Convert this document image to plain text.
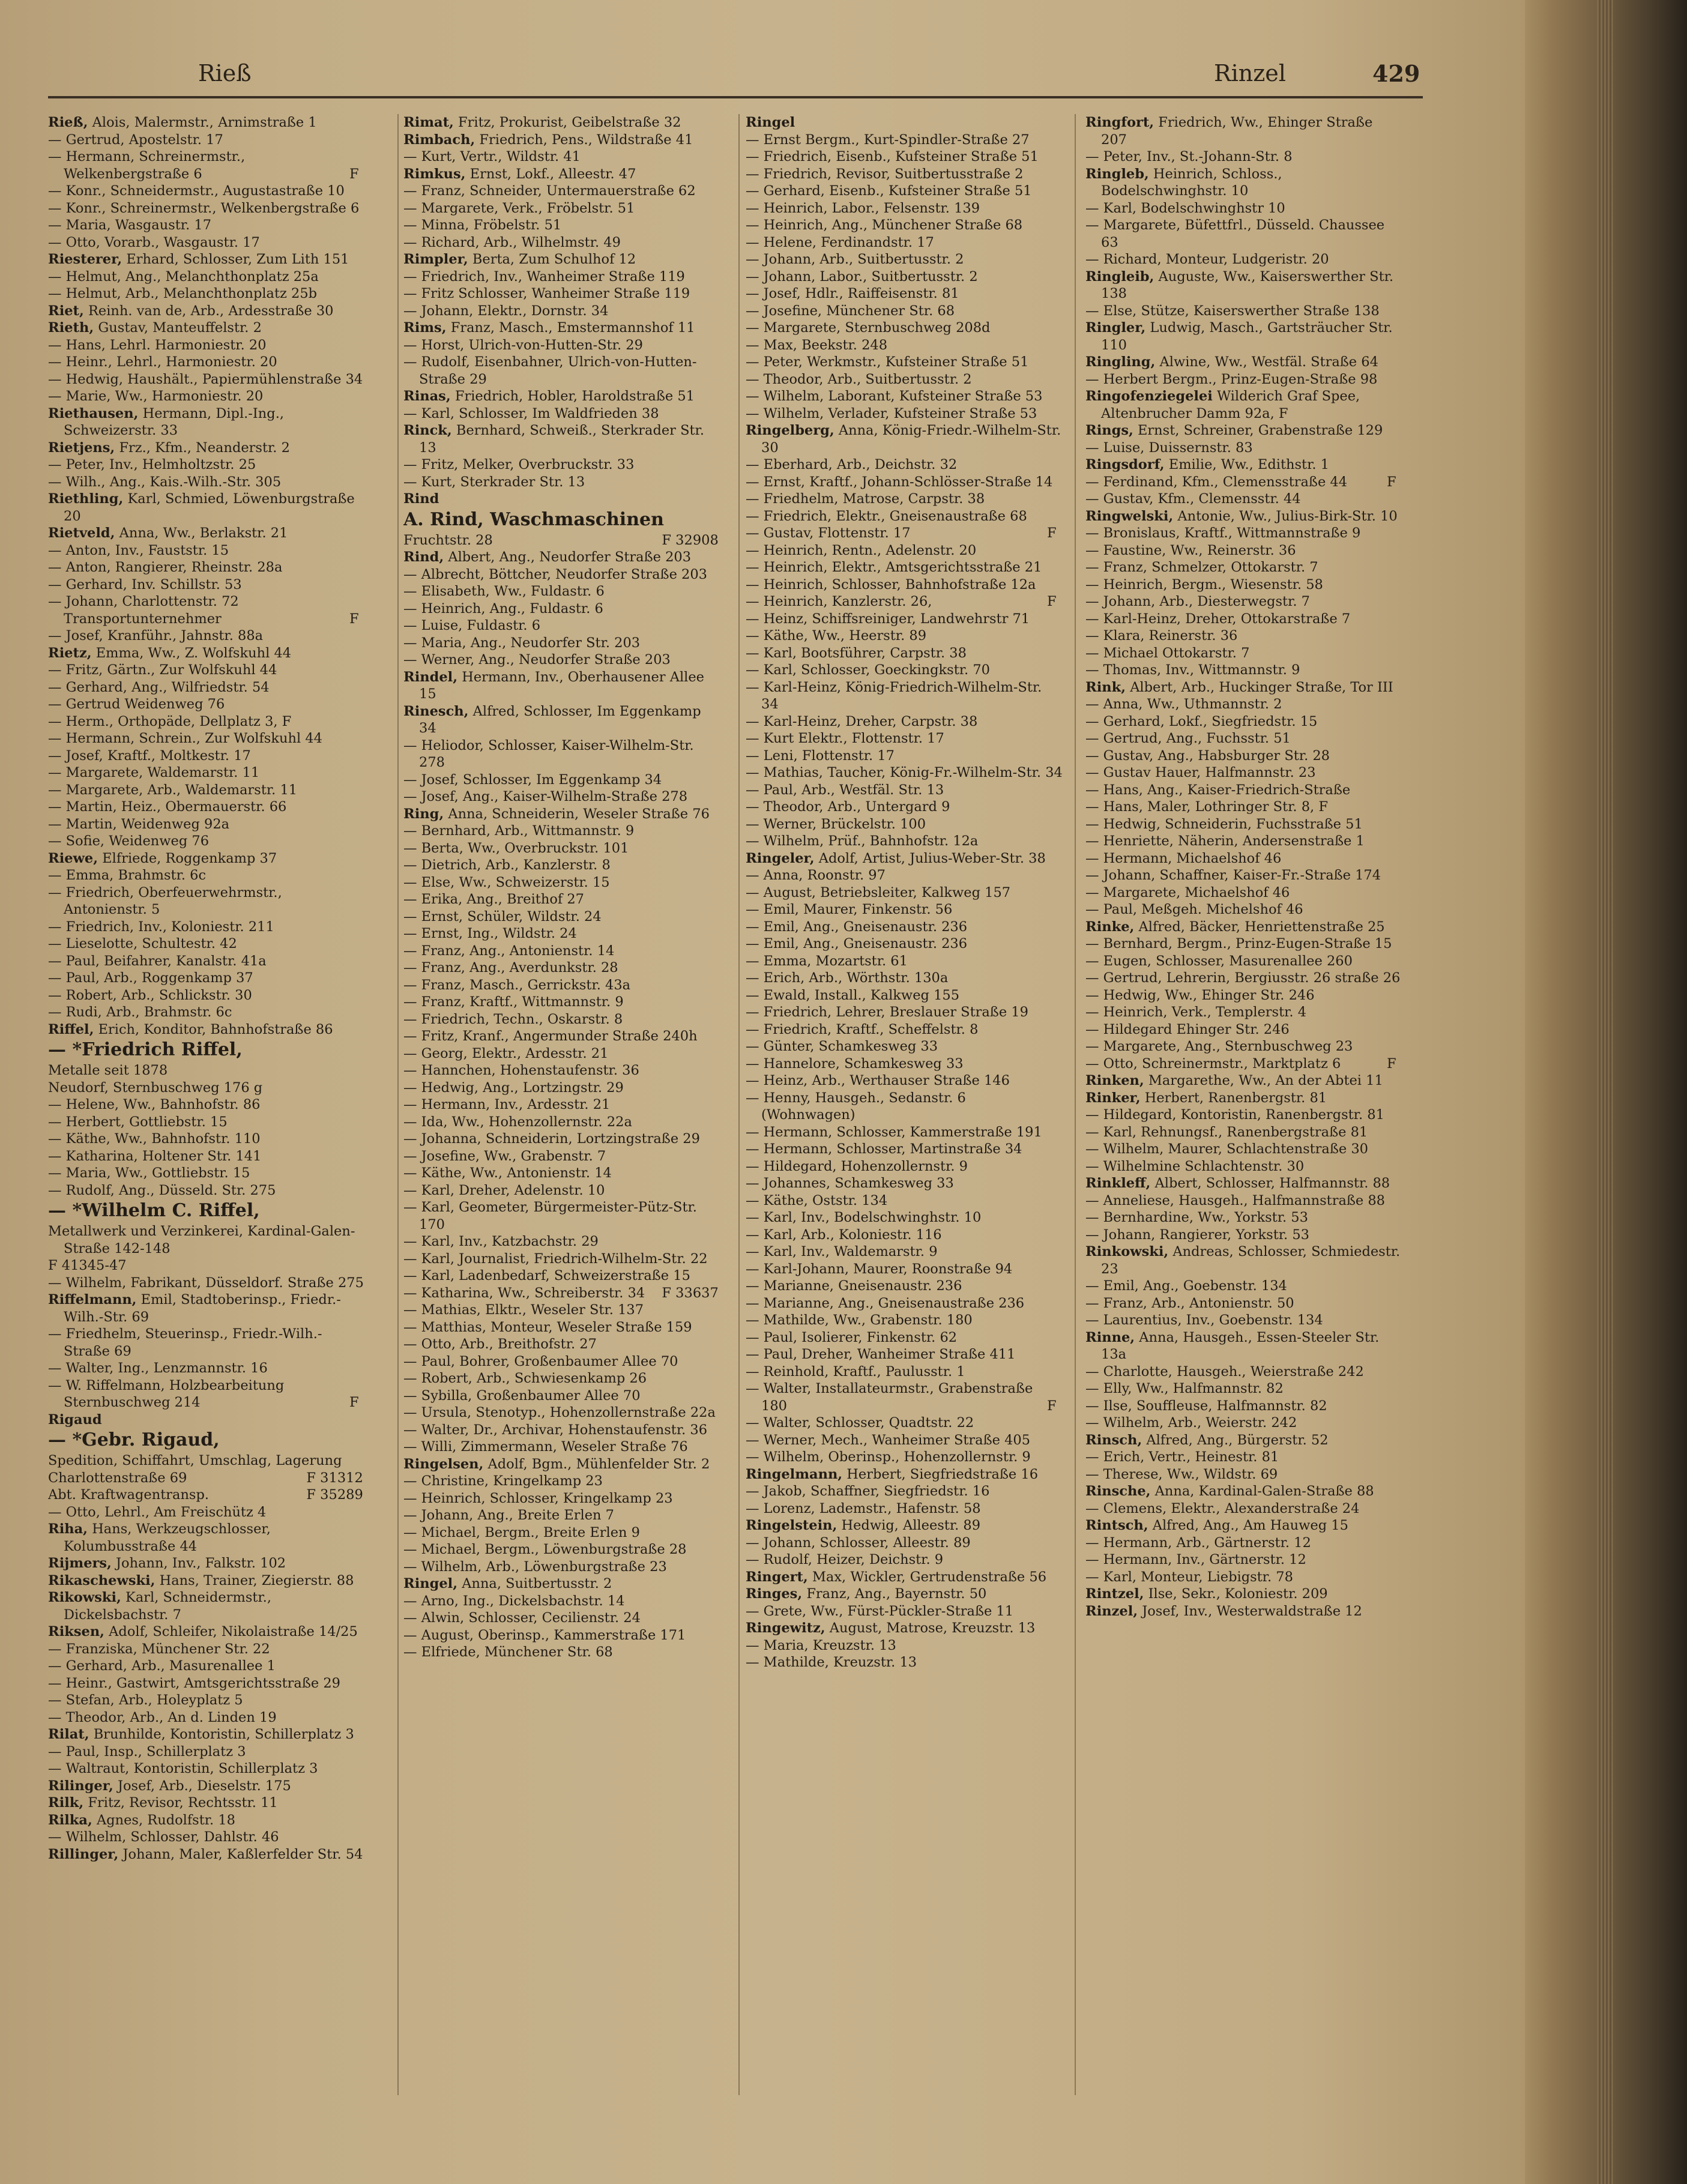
Rieß	Rinzel	429

Rieß, Alois, Malermstr., Arnimstraße 1

— Gertrud, Apostelstr. 17

— Hermann, Schreinermstr., Welkenbergstraße 6	F

— Konr., Schneidermstr., Augustastraße 10

— Konr., Schreinermstr., Welkenbergstraße 6

— Maria, Wasgaustr. 17

— Otto, Vorarb., Wasgaustr. 17

Riesterer, Erhard, Schlosser, Zum Lith 151

— Helmut, Ang., Melanchthonplatz 25a

— Helmut, Arb., Melanchthonplatz 25b

Riet, Reinh. van de, Arb., Ardesstraße 30

Rieth, Gustav, Manteuffelstr. 2

— Hans, Lehrl. Harmoniestr. 20

— Heinr., Lehrl., Harmoniestr. 20

— Hedwig, Haushält., Papiermühlenstraße 34

— Marie, Ww., Harmoniestr. 20

Riethausen, Hermann, Dipl.-Ing., Schweizerstr. 33

Rietjens, Frz., Kfm., Neanderstr. 2

— Peter, Inv., Helmholtzstr. 25

— Wilh., Ang., Kais.-Wilh.-Str. 305

Riethling, Karl, Schmied, Löwenburgstraße 20

Rietveld, Anna, Ww., Berlakstr. 21

— Anton, Inv., Fauststr. 15

— Anton, Rangierer, Rheinstr. 28a

— Gerhard, Inv. Schillstr. 53

— Johann, Charlottenstr. 72 Transportunternehmer	F

— Josef, Kranführ., Jahnstr. 88a

Rietz, Emma, Ww., Z. Wolfskuhl 44

— Fritz, Gärtn., Zur Wolfskuhl 44

— Gerhard, Ang., Wilfriedstr. 54

— Gertrud Weidenweg 76

— Herm., Orthopäde, Dellplatz 3, F

— Hermann, Schrein., Zur Wolfskuhl 44

— Josef, Kraftf., Moltkestr. 17

— Margarete, Waldemarstr. 11

— Margarete, Arb., Waldemarstr. 11

— Martin, Heiz., Obermauerstr. 66

— Martin, Weidenweg 92a

— Sofie, Weidenweg 76

Riewe, Elfriede, Roggenkamp 37

— Emma, Brahmstr. 6c

— Friedrich, Oberfeuerwehrmstr., Antonienstr. 5

— Friedrich, Inv., Koloniestr. 211

— Lieselotte, Schultestr. 42

— Paul, Beifahrer, Kanalstr. 41a

— Paul, Arb., Roggenkamp 37

— Robert, Arb., Schlickstr. 30

— Rudi, Arb., Brahmstr. 6c

Riffel, Erich, Konditor, Bahnhofstraße 86

— *Friedrich Riffel,

Metalle seit 1878

Neudorf, Sternbuschweg 176 g

— Helene, Ww., Bahnhofstr. 86

— Herbert, Gottliebstr. 15

— Käthe, Ww., Bahnhofstr. 110

— Katharina, Holtener Str. 141

— Maria, Ww., Gottliebstr. 15

— Rudolf, Ang., Düsseld. Str. 275

— *Wilhelm C. Riffel,

Metallwerk und Verzinkerei, Kardinal-Galen-Straße 142-148

F 41345-47

— Wilhelm, Fabrikant, Düsseldorf. Straße 275

Riffelmann, Emil, Stadtoberinsp., Friedr.-Wilh.-Str. 69

— Friedhelm, Steuerinsp., Friedr.-Wilh.-Straße 69

— Walter, Ing., Lenzmannstr. 16

— W. Riffelmann, Holzbearbeitung Sternbuschweg 214	F

Rigaud

— *Gebr. Rigaud,

Spedition, Schiffahrt, Umschlag, Lagerung

Charlottenstraße 69	F 31312

Abt. Kraftwagentransp.	F 35289

— Otto, Lehrl., Am Freischütz 4

Riha, Hans, Werkzeugschlosser, Kolumbusstraße 44

Rijmers, Johann, Inv., Falkstr. 102

Rikaschewski, Hans, Trainer, Ziegierstr. 88

Rikowski, Karl, Schneidermstr., Dickelsbachstr. 7

Riksen, Adolf, Schleifer, Nikolaistraße 14/25

— Franziska, Münchener Str. 22

— Gerhard, Arb., Masurenallee 1

— Heinr., Gastwirt, Amtsgerichtsstraße 29

— Stefan, Arb., Holeyplatz 5

— Theodor, Arb., An d. Linden 19

Rilat, Brunhilde, Kontoristin, Schillerplatz 3

— Paul, Insp., Schillerplatz 3

— Waltraut, Kontoristin, Schillerplatz 3

Rilinger, Josef, Arb., Dieselstr. 175

Rilk, Fritz, Revisor, Rechtsstr. 11

Rilka, Agnes, Rudolfstr. 18

— Wilhelm, Schlosser, Dahlstr. 46

Rillinger, Johann, Maler, Kaßlerfelder Str. 54

Rimat, Fritz, Prokurist, Geibelstraße 32

Rimbach, Friedrich, Pens., Wildstraße 41

— Kurt, Vertr., Wildstr. 41

Rimkus, Ernst, Lokf., Alleestr. 47

— Franz, Schneider, Untermauerstraße 62

— Margarete, Verk., Fröbelstr. 51

— Minna, Fröbelstr. 51

— Richard, Arb., Wilhelmstr. 49

Rimpler, Berta, Zum Schulhof 12

— Friedrich, Inv., Wanheimer Straße 119

— Fritz Schlosser, Wanheimer Straße 119

— Johann, Elektr., Dornstr. 34

Rims, Franz, Masch., Emstermannshof 11

— Horst, Ulrich-von-Hutten-Str. 29

— Rudolf, Eisenbahner, Ulrich-von-Hutten-Straße 29

Rinas, Friedrich, Hobler, Haroldstraße 51

— Karl, Schlosser, Im Waldfrieden 38

Rinck, Bernhard, Schweiß., Sterkrader Str. 13

— Fritz, Melker, Overbruckstr. 33

— Kurt, Sterkrader Str. 13

Rind

A. Rind, Waschmaschinen

Fruchtstr. 28	F 32908

Rind, Albert, Ang., Neudorfer Straße 203

— Albrecht, Böttcher, Neudorfer Straße 203

— Elisabeth, Ww., Fuldastr. 6

— Heinrich, Ang., Fuldastr. 6

— Luise, Fuldastr. 6

— Maria, Ang., Neudorfer Str. 203

— Werner, Ang., Neudorfer Straße 203

Rindel, Hermann, Inv., Oberhausener Allee 15

Rinesch, Alfred, Schlosser, Im Eggenkamp 34

— Heliodor, Schlosser, Kaiser-Wilhelm-Str. 278

— Josef, Schlosser, Im Eggenkamp 34

— Josef, Ang., Kaiser-Wilhelm-Straße 278

Ring, Anna, Schneiderin, Weseler Straße 76

— Bernhard, Arb., Wittmannstr. 9

— Berta, Ww., Overbruckstr. 101

— Dietrich, Arb., Kanzlerstr. 8

— Else, Ww., Schweizerstr. 15

— Erika, Ang., Breithof 27

— Ernst, Schüler, Wildstr. 24

— Ernst, Ing., Wildstr. 24

— Franz, Ang., Antonienstr. 14

— Franz, Ang., Averdunkstr. 28

— Franz, Masch., Gerrickstr. 43a

— Franz, Kraftf., Wittmannstr. 9

— Friedrich, Techn., Oskarstr. 8

— Fritz, Kranf., Angermunder Straße 240h

— Georg, Elektr., Ardesstr. 21

— Hannchen, Hohenstaufenstr. 36

— Hedwig, Ang., Lortzingstr. 29

— Hermann, Inv., Ardesstr. 21

— Ida, Ww., Hohenzollernstr. 22a

— Johanna, Schneiderin, Lortzingstraße 29

— Josefine, Ww., Grabenstr. 7

— Käthe, Ww., Antonienstr. 14

— Karl, Dreher, Adelenstr. 10

— Karl, Geometer, Bürgermeister-Pütz-Str. 170

— Karl, Inv., Katzbachstr. 29

— Karl, Journalist, Friedrich-Wilhelm-Str. 22

— Karl, Ladenbedarf, Schweizerstraße 15
F 33637

— Katharina, Ww., Schreiberstr. 34

— Mathias, Elktr., Weseler Str. 137

— Matthias, Monteur, Weseler Straße 159

— Otto, Arb., Breithofstr. 27

— Paul, Bohrer, Großenbaumer Allee 70

— Robert, Arb., Schwiesenkamp 26

— Sybilla, Großenbaumer Allee 70

— Ursula, Stenotyp., Hohenzollernstraße 22a

— Walter, Dr., Archivar, Hohenstaufenstr. 36

— Willi, Zimmermann, Weseler Straße 76

Ringelsen, Adolf, Bgm., Mühlenfelder Str. 2

— Christine, Kringelkamp 23

— Heinrich, Schlosser, Kringelkamp 23

— Johann, Ang., Breite Erlen 7

— Michael, Bergm., Breite Erlen 9

— Michael, Bergm., Löwenburgstraße 28

— Wilhelm, Arb., Löwenburgstraße 23

Ringel, Anna, Suitbertusstr. 2

— Arno, Ing., Dickelsbachstr. 14

— Alwin, Schlosser, Cecilienstr. 24

— August, Oberinsp., Kammerstraße 171

— Elfriede, Münchener Str. 68

Ringel

— Ernst Bergm., Kurt-Spindler-Straße 27

— Friedrich, Eisenb., Kufsteiner Straße 51

— Friedrich, Revisor, Suitbertusstraße 2

— Gerhard, Eisenb., Kufsteiner Straße 51

— Heinrich, Labor., Felsenstr. 139

— Heinrich, Ang., Münchener Straße 68

— Helene, Ferdinandstr. 17

— Johann, Arb., Suitbertusstr. 2

— Johann, Labor., Suitbertusstr. 2

— Josef, Hdlr., Raiffeisenstr. 81

— Josefine, Münchener Str. 68

— Margarete, Sternbuschweg 208d

— Max, Beekstr. 248

— Peter, Werkmstr., Kufsteiner Straße 51

— Theodor, Arb., Suitbertusstr. 2

— Wilhelm, Laborant, Kufsteiner Straße 53

— Wilhelm, Verlader, Kufsteiner Straße 53

Ringelberg, Anna, König-Friedr.-Wilhelm-Str. 30

— Eberhard, Arb., Deichstr. 32

— Ernst, Kraftf., Johann-Schlösser-Straße 14

— Friedhelm, Matrose, Carpstr. 38

— Friedrich, Elektr., Gneisenaustraße 68

— Gustav, Flottenstr. 17	F

— Heinrich, Rentn., Adelenstr. 20

— Heinrich, Elektr., Amtsgerichtsstraße 21

— Heinrich, Schlosser, Bahnhofstraße 12a

— Heinrich, Kanzlerstr. 26,	F

— Heinz, Schiffsreiniger, Landwehrstr 71

— Käthe, Ww., Heerstr. 89

— Karl, Bootsführer, Carpstr. 38

— Karl, Schlosser, Goeckingkstr. 70

— Karl-Heinz, König-Friedrich-Wilhelm-Str. 34

— Karl-Heinz, Dreher, Carpstr. 38

— Kurt Elektr., Flottenstr. 17

— Leni, Flottenstr. 17

— Mathias, Taucher, König-Fr.-Wilhelm-Str. 34

— Paul, Arb., Westfäl. Str. 13

— Theodor, Arb., Untergard 9

— Werner, Brückelstr. 100

— Wilhelm, Prüf., Bahnhofstr. 12a

Ringeler, Adolf, Artist, Julius-Weber-Str. 38

— Anna, Roonstr. 97

— August, Betriebsleiter, Kalkweg 157

— Emil, Maurer, Finkenstr. 56

— Emil, Ang., Gneisenaustr. 236

— Emil, Ang., Gneisenaustr. 236

— Emma, Mozartstr. 61

— Erich, Arb., Wörthstr. 130a

— Ewald, Install., Kalkweg 155

— Friedrich, Lehrer, Breslauer Straße 19

— Friedrich, Kraftf., Scheffelstr. 8

— Günter, Schamkesweg 33

— Hannelore, Schamkesweg 33

— Heinz, Arb., Werthauser Straße 146

— Henny, Hausgeh., Sedanstr. 6 (Wohnwagen)

— Hermann, Schlosser, Kammerstraße 191

— Hermann, Schlosser, Martinstraße 34

— Hildegard, Hohenzollernstr. 9

— Johannes, Schamkesweg 33

— Käthe, Oststr. 134

— Karl, Inv., Bodelschwinghstr. 10

— Karl, Arb., Koloniestr. 116

— Karl, Inv., Waldemarstr. 9

— Karl-Johann, Maurer, Roonstraße 94

— Marianne, Gneisenaustr. 236

— Marianne, Ang., Gneisenaustraße 236

— Mathilde, Ww., Grabenstr. 180

— Paul, Isolierer, Finkenstr. 62

— Paul, Dreher, Wanheimer Straße 411

— Reinhold, Kraftf., Paulusstr. 1

— Walter, Installateurmstr., Grabenstraße 180	F

— Walter, Schlosser, Quadtstr. 22

— Werner, Mech., Wanheimer Straße 405

— Wilhelm, Oberinsp., Hohenzollernstr. 9

Ringelmann, Herbert, Siegfriedstraße 16

— Jakob, Schaffner, Siegfriedstr. 16

— Lorenz, Lademstr., Hafenstr. 58

Ringelstein, Hedwig, Alleestr. 89

— Johann, Schlosser, Alleestr. 89

— Rudolf, Heizer, Deichstr. 9

Ringert, Max, Wickler, Gertrudenstraße 56

Ringes, Franz, Ang., Bayernstr. 50

— Grete, Ww., Fürst-Pückler-Straße 11

Ringewitz, August, Matrose, Kreuzstr. 13

— Maria, Kreuzstr. 13

— Mathilde, Kreuzstr. 13

Ringfort, Friedrich, Ww., Ehinger Straße 207

— Peter, Inv., St.-Johann-Str. 8

Ringleb, Heinrich, Schloss., Bodelschwinghstr. 10

— Karl, Bodelschwinghstr 10

— Margarete, Büfettfrl., Düsseld. Chaussee 63

— Richard, Monteur, Ludgeristr. 20

Ringleib, Auguste, Ww., Kaiserswerther Str. 138

— Else, Stütze, Kaiserswerther Straße 138

Ringler, Ludwig, Masch., Gartsträucher Str. 110

Ringling, Alwine, Ww., Westfäl. Straße 64

— Herbert Bergm., Prinz-Eugen-Straße 98

Ringofenziegelei Wilderich Graf Spee, Altenbrucher Damm 92a, F

Rings, Ernst, Schreiner, Grabenstraße 129

— Luise, Duissernstr. 83

Ringsdorf, Emilie, Ww., Edithstr. 1

— Ferdinand, Kfm., Clemensstraße 44	F

— Gustav, Kfm., Clemensstr. 44

Ringwelski, Antonie, Ww., Julius-Birk-Str. 10

— Bronislaus, Kraftf., Wittmannstraße 9

— Faustine, Ww., Reinerstr. 36

— Franz, Schmelzer, Ottokarstr. 7

— Heinrich, Bergm., Wiesenstr. 58

— Johann, Arb., Diesterwegstr. 7

— Karl-Heinz, Dreher, Ottokarstraße 7

— Klara, Reinerstr. 36

— Michael Ottokarstr. 7

— Thomas, Inv., Wittmannstr. 9

Rink, Albert, Arb., Huckinger Straße, Tor III

— Anna, Ww., Uthmannstr. 2

— Gerhard, Lokf., Siegfriedstr. 15

— Gertrud, Ang., Fuchsstr. 51

— Gustav, Ang., Habsburger Str. 28

— Gustav Hauer, Halfmannstr. 23

— Hans, Ang., Kaiser-Friedrich-Straße

— Hans, Maler, Lothringer Str. 8, F

— Hedwig, Schneiderin, Fuchsstraße 51

— Henriette, Näherin, Andersenstraße 1

— Hermann, Michaelshof 46

— Johann, Schaffner, Kaiser-Fr.-Straße 174

— Margarete, Michaelshof 46

— Paul, Meßgeh. Michelshof 46

Rinke, Alfred, Bäcker, Henriettenstraße 25

— Bernhard, Bergm., Prinz-Eugen-Straße 15

— Eugen, Schlosser, Masurenallee 260

— Gertrud, Lehrerin, Bergiusstr. 26 straße 26

— Hedwig, Ww., Ehinger Str. 246

— Heinrich, Verk., Templerstr. 4

— Hildegard Ehinger Str. 246

— Margarete, Ang., Sternbuschweg 23

— Otto, Schreinermstr., Marktplatz 6	F

Rinken, Margarethe, Ww., An der Abtei 11

Rinker, Herbert, Ranenbergstr. 81

— Hildegard, Kontoristin, Ranenbergstr. 81

— Karl, Rehnungsf., Ranenbergstraße 81

— Wilhelm, Maurer, Schlachtenstraße 30

— Wilhelmine Schlachtenstr. 30

Rinkleff, Albert, Schlosser, Halfmannstr. 88

— Anneliese, Hausgeh., Halfmannstraße 88

— Bernhardine, Ww., Yorkstr. 53

— Johann, Rangierer, Yorkstr. 53

Rinkowski, Andreas, Schlosser, Schmiedestr. 23

— Emil, Ang., Goebenstr. 134

— Franz, Arb., Antonienstr. 50

— Laurentius, Inv., Goebenstr. 134

Rinne, Anna, Hausgeh., Essen-Steeler Str. 13a

— Charlotte, Hausgeh., Weierstraße 242

— Elly, Ww., Halfmannstr. 82

— Ilse, Souffleuse, Halfmannstr. 82

— Wilhelm, Arb., Weierstr. 242

Rinsch, Alfred, Ang., Bürgerstr. 52

— Erich, Vertr., Heinestr. 81

— Therese, Ww., Wildstr. 69

Rinsche, Anna, Kardinal-Galen-Straße 88

— Clemens, Elektr., Alexanderstraße 24

Rintsch, Alfred, Ang., Am Hauweg 15

— Hermann, Arb., Gärtnerstr. 12

— Hermann, Inv., Gärtnerstr. 12

— Karl, Monteur, Liebigstr. 78

Rintzel, Ilse, Sekr., Koloniestr. 209

Rinzel, Josef, Inv., Westerwaldstraße 12
